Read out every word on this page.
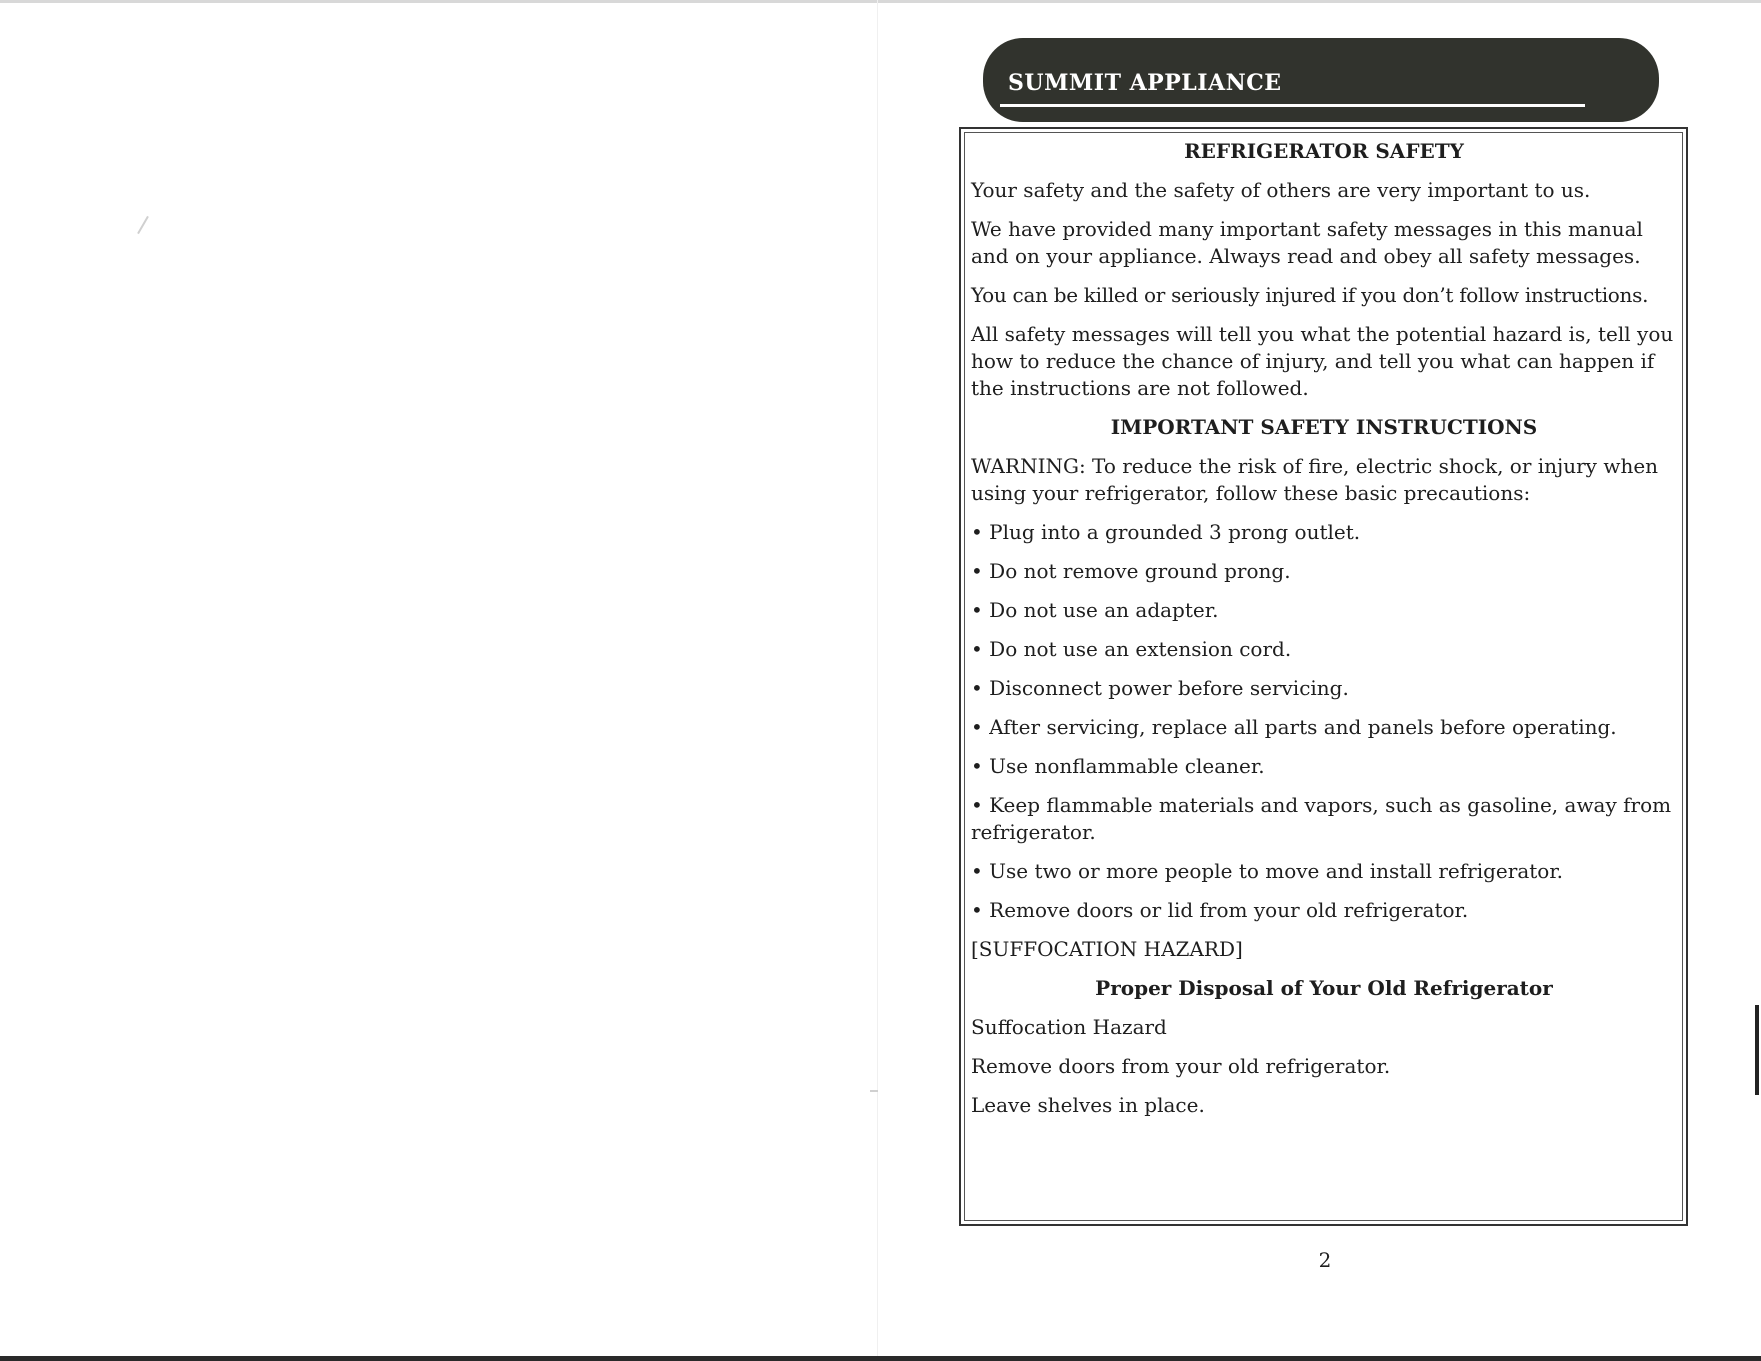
SUMMIT APPLIANCE

REFRIGERATOR SAFETY

Your safety and the safety of others are very important to us.

We have provided many important safety messages in this manual and on your appliance. Always read and obey all safety messages.

You can be killed or seriously injured if you don’t follow instructions.

All safety messages will tell you what the potential hazard is, tell you how to reduce the chance of injury, and tell you what can happen if the instructions are not followed.

IMPORTANT SAFETY INSTRUCTIONS

WARNING: To reduce the risk of fire, electric shock, or injury when using your refrigerator, follow these basic precautions:

• Plug into a grounded 3 prong outlet.

• Do not remove ground prong.

• Do not use an adapter.

• Do not use an extension cord.

• Disconnect power before servicing.

• After servicing, replace all parts and panels before operating.

• Use nonflammable cleaner.

• Keep flammable materials and vapors, such as gasoline, away from refrigerator.

• Use two or more people to move and install refrigerator.

• Remove doors or lid from your old refrigerator.

[SUFFOCATION HAZARD]

Proper Disposal of Your Old Refrigerator

Suffocation Hazard

Remove doors from your old refrigerator.

Leave shelves in place.

2
